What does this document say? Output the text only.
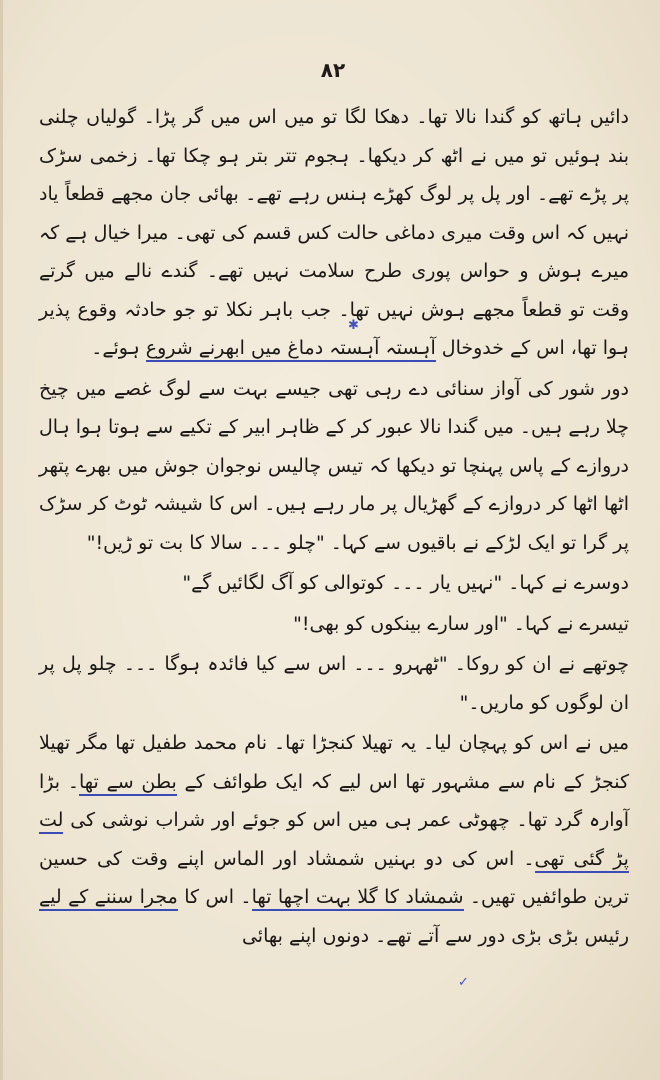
۸۲

دائیں ہاتھ کو گندا نالا تھا۔ دھکا لگا تو میں اس میں گر پڑا۔ گولیاں چلنی بند ہوئیں تو میں نے اٹھ کر دیکھا۔ ہجوم تتر بتر ہو چکا تھا۔ زخمی سڑک پر پڑے تھے۔ اور پل پر لوگ کھڑے ہنس رہے تھے۔ بھائی جان مجھے قطعاً یاد نہیں کہ اس وقت میری دماغی حالت کس قسم کی تھی۔ میرا خیال ہے کہ میرے ہوش و حواس پوری طرح سلامت نہیں تھے۔ گندے نالے میں گرتے وقت تو قطعاً مجھے ہوش نہیں تھا۔ جب باہر نکلا تو جو حادثہ وقوع پذیر ہوا تھا، اس کے خدوخال آہستہ آہستہ دماغ میں ابھرنے شروع ہوئے۔

دور شور کی آواز سنائی دے رہی تھی جیسے بہت سے لوگ غصے میں چیخ چلا رہے ہیں۔ میں گندا نالا عبور کر کے ظاہر ابیر کے تکیے سے ہوتا ہوا ہال دروازے کے پاس پہنچا تو دیکھا کہ تیس چالیس نوجوان جوش میں بھرے پتھر اٹھا اٹھا کر دروازے کے گھڑیال پر مار رہے ہیں۔ اس کا شیشہ ٹوٹ کر سڑک پر گرا تو ایک لڑکے نے باقیوں سے کہا۔ "چلو ۔۔۔ سالا کا بت تو ڑیں!"

دوسرے نے کہا۔ "نہیں یار ۔۔۔ کوتوالی کو آگ لگائیں گے"

تیسرے نے کہا۔ "اور سارے بینکوں کو بھی!"

چوتھے نے ان کو روکا۔ "ٹھہرو ۔۔۔ اس سے کیا فائدہ ہوگا ۔۔۔ چلو پل پر ان لوگوں کو ماریں۔"

میں نے اس کو پہچان لیا۔ یہ تھیلا کنجڑا تھا۔ نام محمد طفیل تھا مگر تھیلا کنجڑ کے نام سے مشہور تھا اس لیے کہ ایک طوائف کے بطن سے تھا۔ بڑا آوارہ گرد تھا۔ چھوٹی عمر ہی میں اس کو جوئے اور شراب نوشی کی لت پڑ گئی تھی۔ اس کی دو بہنیں شمشاد اور الماس اپنے وقت کی حسین ترین طوائفیں تھیں۔ شمشاد کا گلا بہت اچھا تھا۔ اس کا مجرا سننے کے لیے رئیس بڑی بڑی دور سے آتے تھے۔ دونوں اپنے بھائی

✱
✓
